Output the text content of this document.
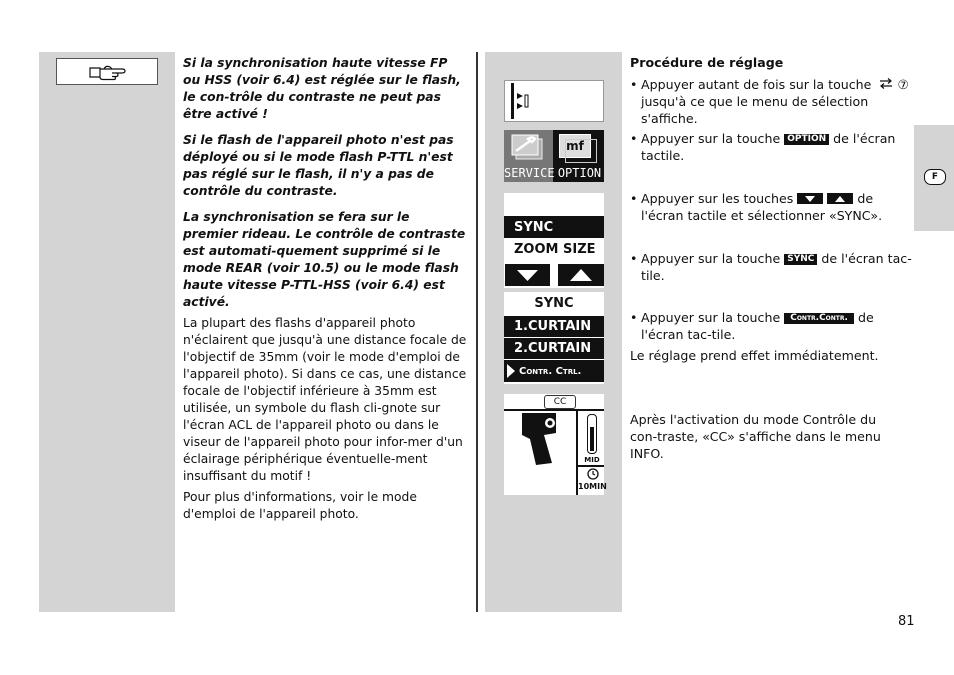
Si la synchronisation haute vitesse FP ou HSS (voir 6.4) est réglée sur le flash, le con-trôle du contraste ne peut pas être activé !

Si le flash de l'appareil photo n'est pas déployé ou si le mode flash P-TTL n'est pas réglé sur le flash, il n'y a pas de contrôle du contraste.

La synchronisation se fera sur le premier rideau. Le contrôle de contraste est automati-quement supprimé si le mode REAR (voir 10.5) ou le mode flash haute vitesse P-TTL-HSS (voir 6.4) est activé.

La plupart des flashs d'appareil photo n'éclairent que jusqu'à une distance focale de l'objectif de 35mm (voir le mode d'emploi de l'appareil photo). Si dans ce cas, une distance focale de l'objectif inférieure à 35mm est utilisée, un symbole du flash cli-gnote sur l'écran ACL de l'appareil photo ou dans le viseur de l'appareil photo pour infor-mer d'un éclairage périphérique éventuelle-ment insuffisant du motif !

Pour plus d'informations, voir le mode d'emploi de l'appareil photo.

SERVICE
mf
OPTION
SYNC
ZOOM SIZE
SYNC
1.CURTAIN
2.CURTAIN
Contr. Ctrl.
CC
MID
10MIN
Procédure de réglage
• Appuyer autant de fois sur la touche ⑦ jusqu'à ce que le menu de sélection s'affiche.
• Appuyer sur la touche OPTION de l'écran tactile.
• Appuyer sur les touches
	de l'écran tactile et sélectionner «SYNC».
• Appuyer sur la touche SYNC de l'écran tac-tile.
• Appuyer sur la touche Contr.Contr. de l'écran tac-tile.
Le réglage prend effet immédiatement.
Après l'activation du mode Contrôle du con-traste, «CC» s'affiche dans le menu INFO.
F
81
